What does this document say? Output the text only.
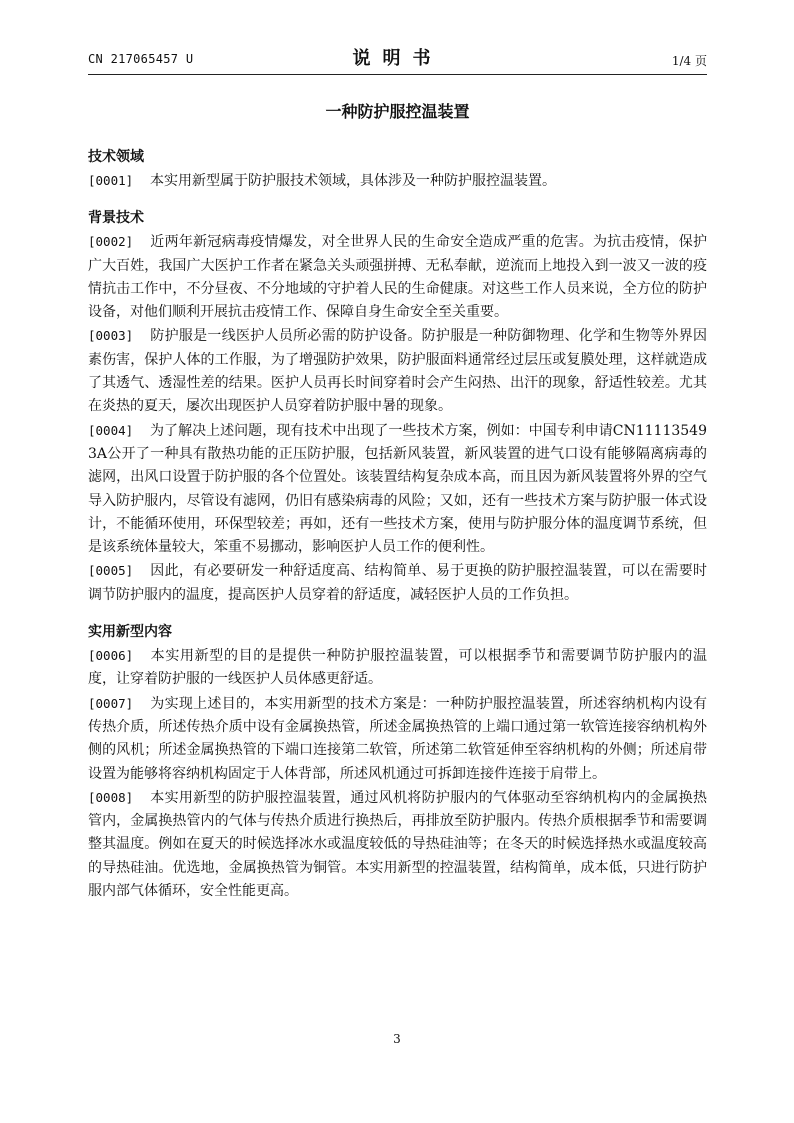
CN 217065457 U	说明书	1/4 页
一种防护服控温装置
技术领域

[0001] 本实用新型属于防护服技术领域，具体涉及一种防护服控温装置。

背景技术

[0002] 近两年新冠病毒疫情爆发，对全世界人民的生命安全造成严重的危害。为抗击疫情，保护广大百姓，我国广大医护工作者在紧急关头顽强拼搏、无私奉献，逆流而上地投入到一波又一波的疫情抗击工作中，不分昼夜、不分地域的守护着人民的生命健康。对这些工作人员来说，全方位的防护设备，对他们顺利开展抗击疫情工作、保障自身生命安全至关重要。

[0003] 防护服是一线医护人员所必需的防护设备。防护服是一种防御物理、化学和生物等外界因素伤害，保护人体的工作服，为了增强防护效果，防护服面料通常经过层压或复膜处理，这样就造成了其透气、透湿性差的结果。医护人员再长时间穿着时会产生闷热、出汗的现象，舒适性较差。尤其在炎热的夏天，屡次出现医护人员穿着防护服中暑的现象。

[0004] 为了解决上述问题，现有技术中出现了一些技术方案，例如：中国专利申请CN111135493A公开了一种具有散热功能的正压防护服，包括新风装置，新风装置的进气口设有能够隔离病毒的滤网，出风口设置于防护服的各个位置处。该装置结构复杂成本高，而且因为新风装置将外界的空气导入防护服内，尽管设有滤网，仍旧有感染病毒的风险；又如，还有一些技术方案与防护服一体式设计，不能循环使用，环保型较差；再如，还有一些技术方案，使用与防护服分体的温度调节系统，但是该系统体量较大，笨重不易挪动，影响医护人员工作的便利性。

[0005] 因此，有必要研发一种舒适度高、结构简单、易于更换的防护服控温装置，可以在需要时调节防护服内的温度，提高医护人员穿着的舒适度，减轻医护人员的工作负担。

实用新型内容

[0006] 本实用新型的目的是提供一种防护服控温装置，可以根据季节和需要调节防护服内的温度，让穿着防护服的一线医护人员体感更舒适。

[0007] 为实现上述目的，本实用新型的技术方案是：一种防护服控温装置，所述容纳机构内设有传热介质，所述传热介质中设有金属换热管，所述金属换热管的上端口通过第一软管连接容纳机构外侧的风机；所述金属换热管的下端口连接第二软管，所述第二软管延伸至容纳机构的外侧；所述肩带设置为能够将容纳机构固定于人体背部，所述风机通过可拆卸连接件连接于肩带上。

[0008] 本实用新型的防护服控温装置，通过风机将防护服内的气体驱动至容纳机构内的金属换热管内，金属换热管内的气体与传热介质进行换热后，再排放至防护服内。传热介质根据季节和需要调整其温度。例如在夏天的时候选择冰水或温度较低的导热硅油等；在冬天的时候选择热水或温度较高的导热硅油。优选地，金属换热管为铜管。本实用新型的控温装置，结构简单，成本低，只进行防护服内部气体循环，安全性能更高。

3
